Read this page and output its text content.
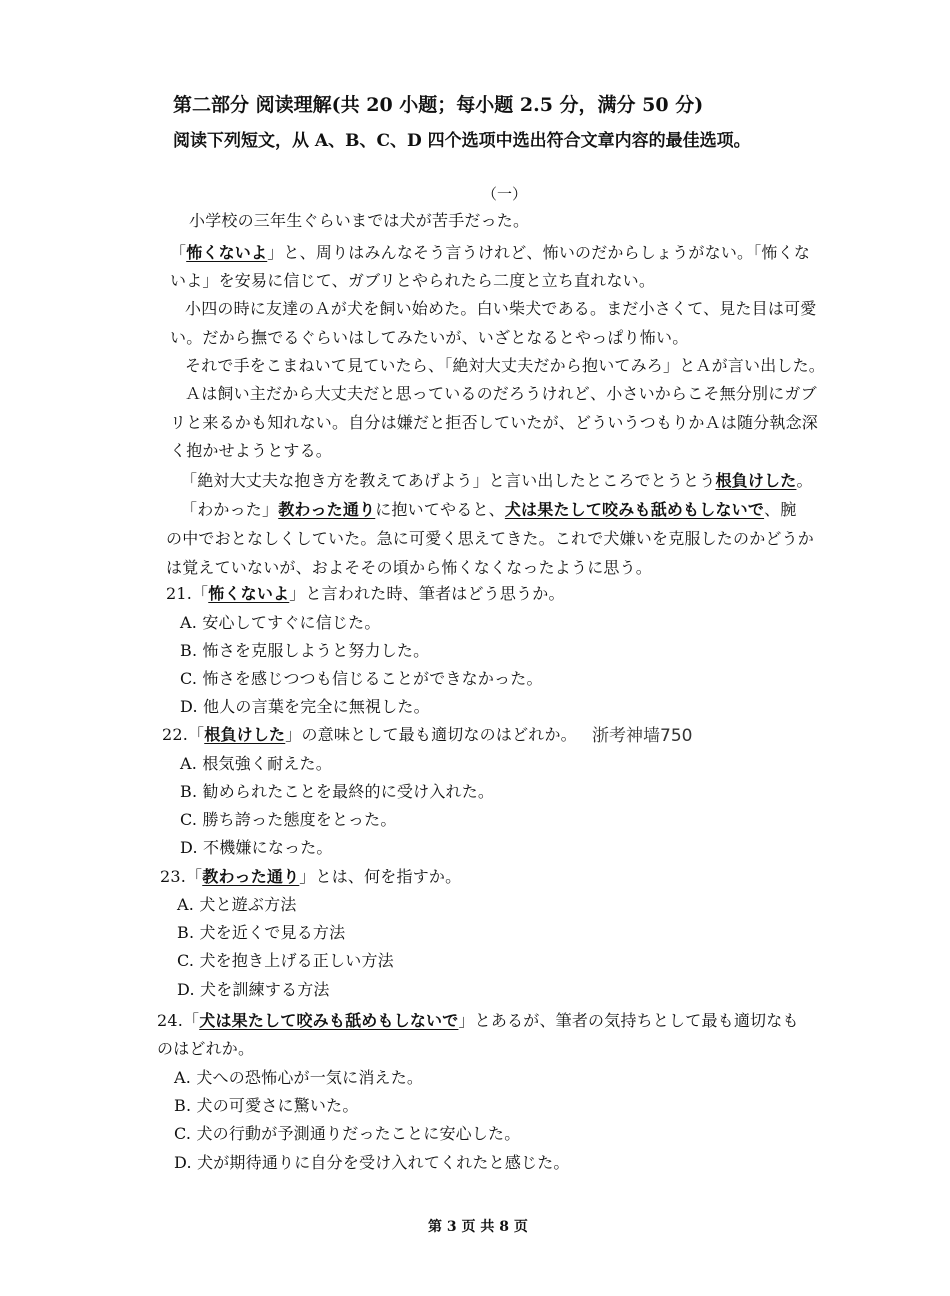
第二部分 阅读理解(共 20 小题；每小题 2.5 分，满分 50 分)
阅读下列短文，从 A、B、C、D 四个选项中选出符合文章内容的最佳选项。
（一）
小学校の三年生ぐらいまでは犬が苦手だった。
「怖くないよ」と、周りはみんなそう言うけれど、怖いのだからしょうがない。「怖くな
いよ」を安易に信じて、ガブリとやられたら二度と立ち直れない。
小四の時に友達のＡが犬を飼い始めた。白い柴犬である。まだ小さくて、見た目は可愛
い。だから撫でるぐらいはしてみたいが、いざとなるとやっぱり怖い。
それで手をこまねいて見ていたら、「絶対大丈夫だから抱いてみろ」とＡが言い出した。
Ａは飼い主だから大丈夫だと思っているのだろうけれど、小さいからこそ無分別にガブ
リと来るかも知れない。自分は嫌だと拒否していたが、どういうつもりかＡは随分執念深
く抱かせようとする。
「絶対大丈夫な抱き方を教えてあげよう」と言い出したところでとうとう根負けした。
「わかった」教わった通りに抱いてやると、犬は果たして咬みも舐めもしないで、腕
の中でおとなしくしていた。急に可愛く思えてきた。これで犬嫌いを克服したのかどうか
は覚えていないが、およそその頃から怖くなくなったように思う。
21.「怖くないよ」と言われた時、筆者はどう思うか。
A. 安心してすぐに信じた。
B. 怖さを克服しようと努力した。
C. 怖さを感じつつも信じることができなかった。
D. 他人の言葉を完全に無視した。
22.「根負けした」の意味として最も適切なのはどれか。
A. 根気強く耐えた。
B. 勧められたことを最終的に受け入れた。
C. 勝ち誇った態度をとった。
D. 不機嫌になった。
浙考神墙750
23.「教わった通り」とは、何を指すか。
A. 犬と遊ぶ方法
B. 犬を近くで見る方法
C. 犬を抱き上げる正しい方法
D. 犬を訓練する方法
24.「犬は果たして咬みも舐めもしないで」とあるが、筆者の気持ちとして最も適切なも
のはどれか。
A. 犬への恐怖心が一気に消えた。
B. 犬の可愛さに驚いた。
C. 犬の行動が予測通りだったことに安心した。
D. 犬が期待通りに自分を受け入れてくれたと感じた。
第 3 页 共 8 页
